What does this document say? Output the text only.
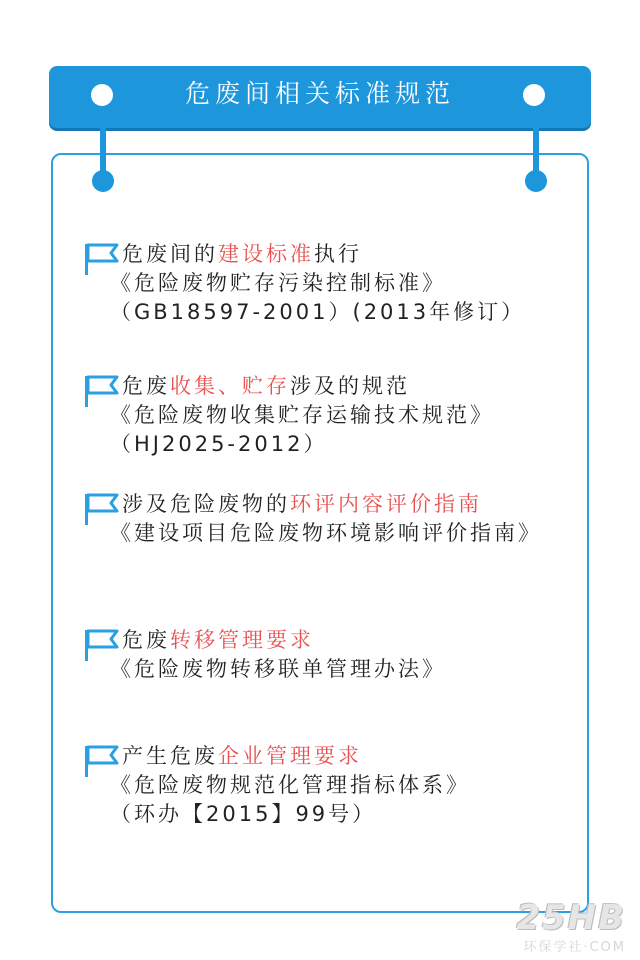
危废间相关标准规范
危废间的建设标准执行
《危险废物贮存污染控制标准》
（GB18597-2001）(2013年修订）
危废收集、贮存涉及的规范
《危险废物收集贮存运输技术规范》
（HJ2025-2012）
涉及危险废物的环评内容评价指南
《建设项目危险废物环境影响评价指南》
危废转移管理要求
《危险废物转移联单管理办法》
产生危废企业管理要求
《危险废物规范化管理指标体系》
（环办【2015】99号）
25HB
环保学社·COM
